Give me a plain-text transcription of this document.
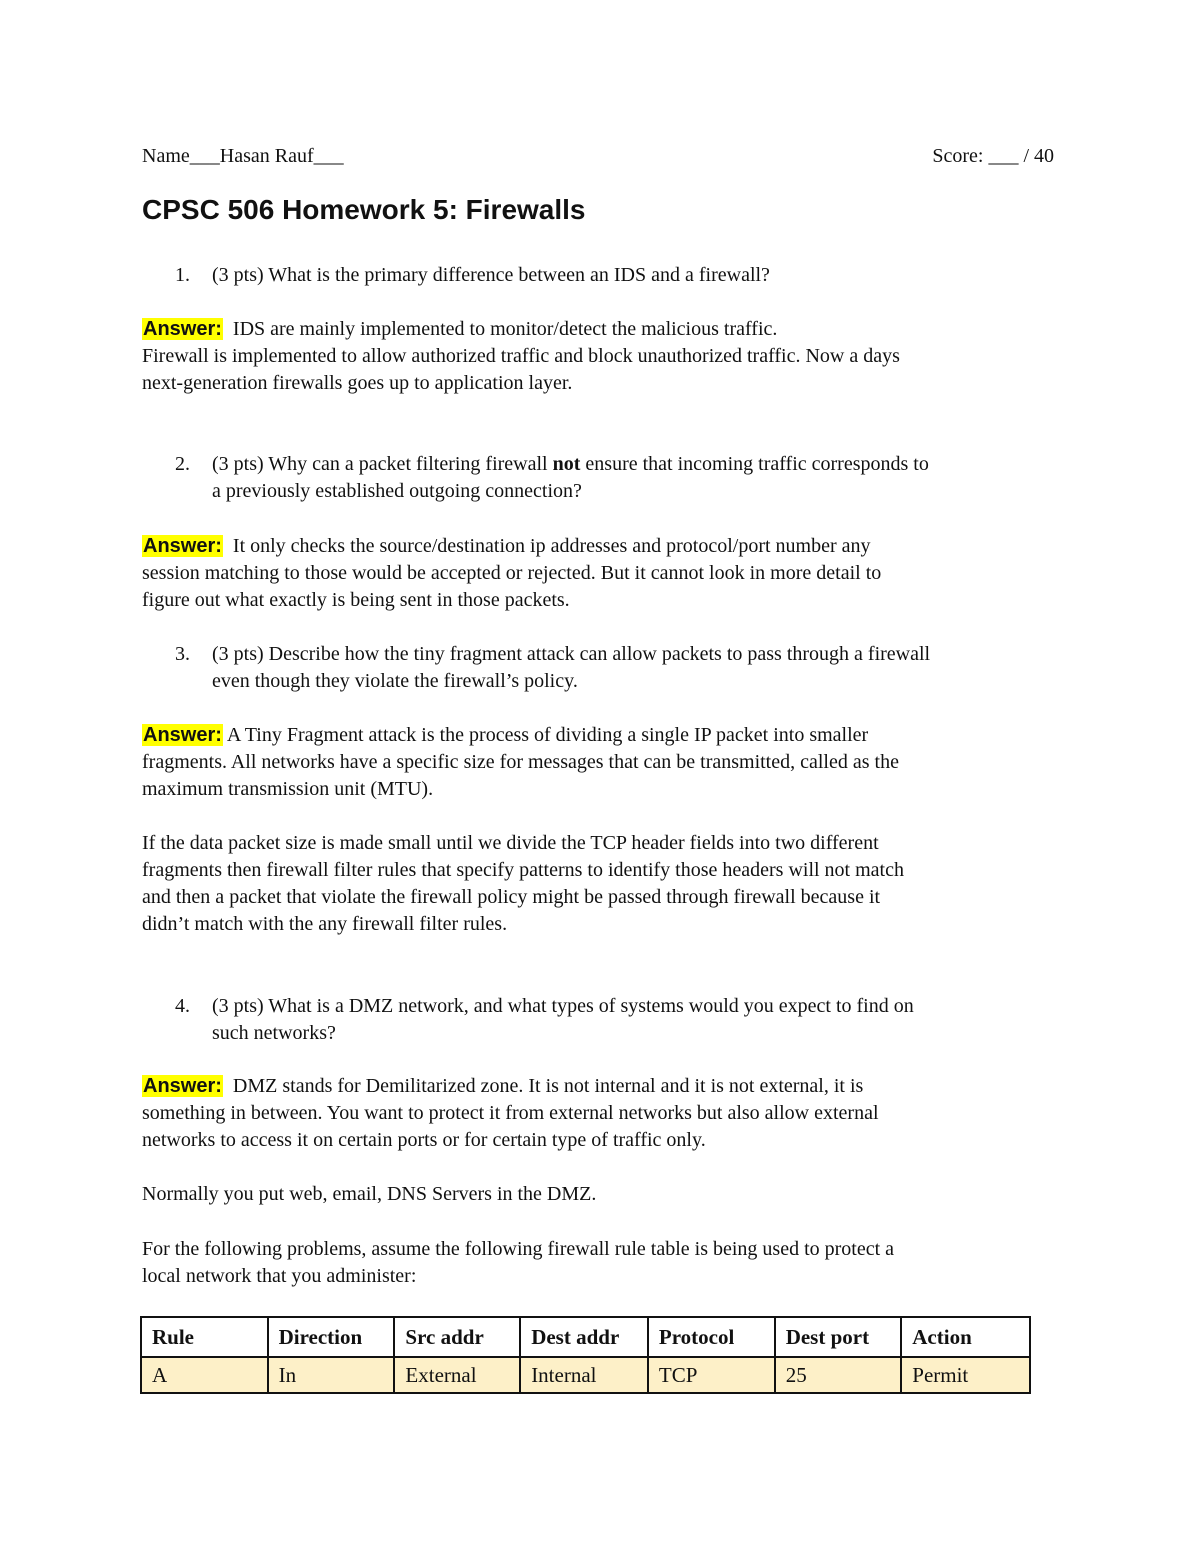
Name___Hasan Rauf___	Score: ___ / 40
CPSC 506 Homework 5: Firewalls
1. (3 pts) What is the primary difference between an IDS and a firewall?
Answer: IDS are mainly implemented to monitor/detect the malicious traffic.
Firewall is implemented to allow authorized traffic and block unauthorized traffic. Now a days
next-generation firewalls goes up to application layer.
2. (3 pts) Why can a packet filtering firewall not ensure that incoming traffic corresponds to
a previously established outgoing connection?
Answer: It only checks the source/destination ip addresses and protocol/port number any
session matching to those would be accepted or rejected. But it cannot look in more detail to
figure out what exactly is being sent in those packets.
3. (3 pts) Describe how the tiny fragment attack can allow packets to pass through a firewall
even though they violate the firewall’s policy.
Answer: A Tiny Fragment attack is the process of dividing a single IP packet into smaller
fragments. All networks have a specific size for messages that can be transmitted, called as the
maximum transmission unit (MTU).
If the data packet size is made small until we divide the TCP header fields into two different
fragments then firewall filter rules that specify patterns to identify those headers will not match
and then a packet that violate the firewall policy might be passed through firewall because it
didn’t match with the any firewall filter rules.
4. (3 pts) What is a DMZ network, and what types of systems would you expect to find on
such networks?
Answer: DMZ stands for Demilitarized zone. It is not internal and it is not external, it is
something in between. You want to protect it from external networks but also allow external
networks to access it on certain ports or for certain type of traffic only.
Normally you put web, email, DNS Servers in the DMZ.
For the following problems, assume the following firewall rule table is being used to protect a
local network that you administer:
Rule	Direction	Src addr	Dest addr	Protocol	Dest port	Action
A	In	External	Internal	TCP	25	Permit
